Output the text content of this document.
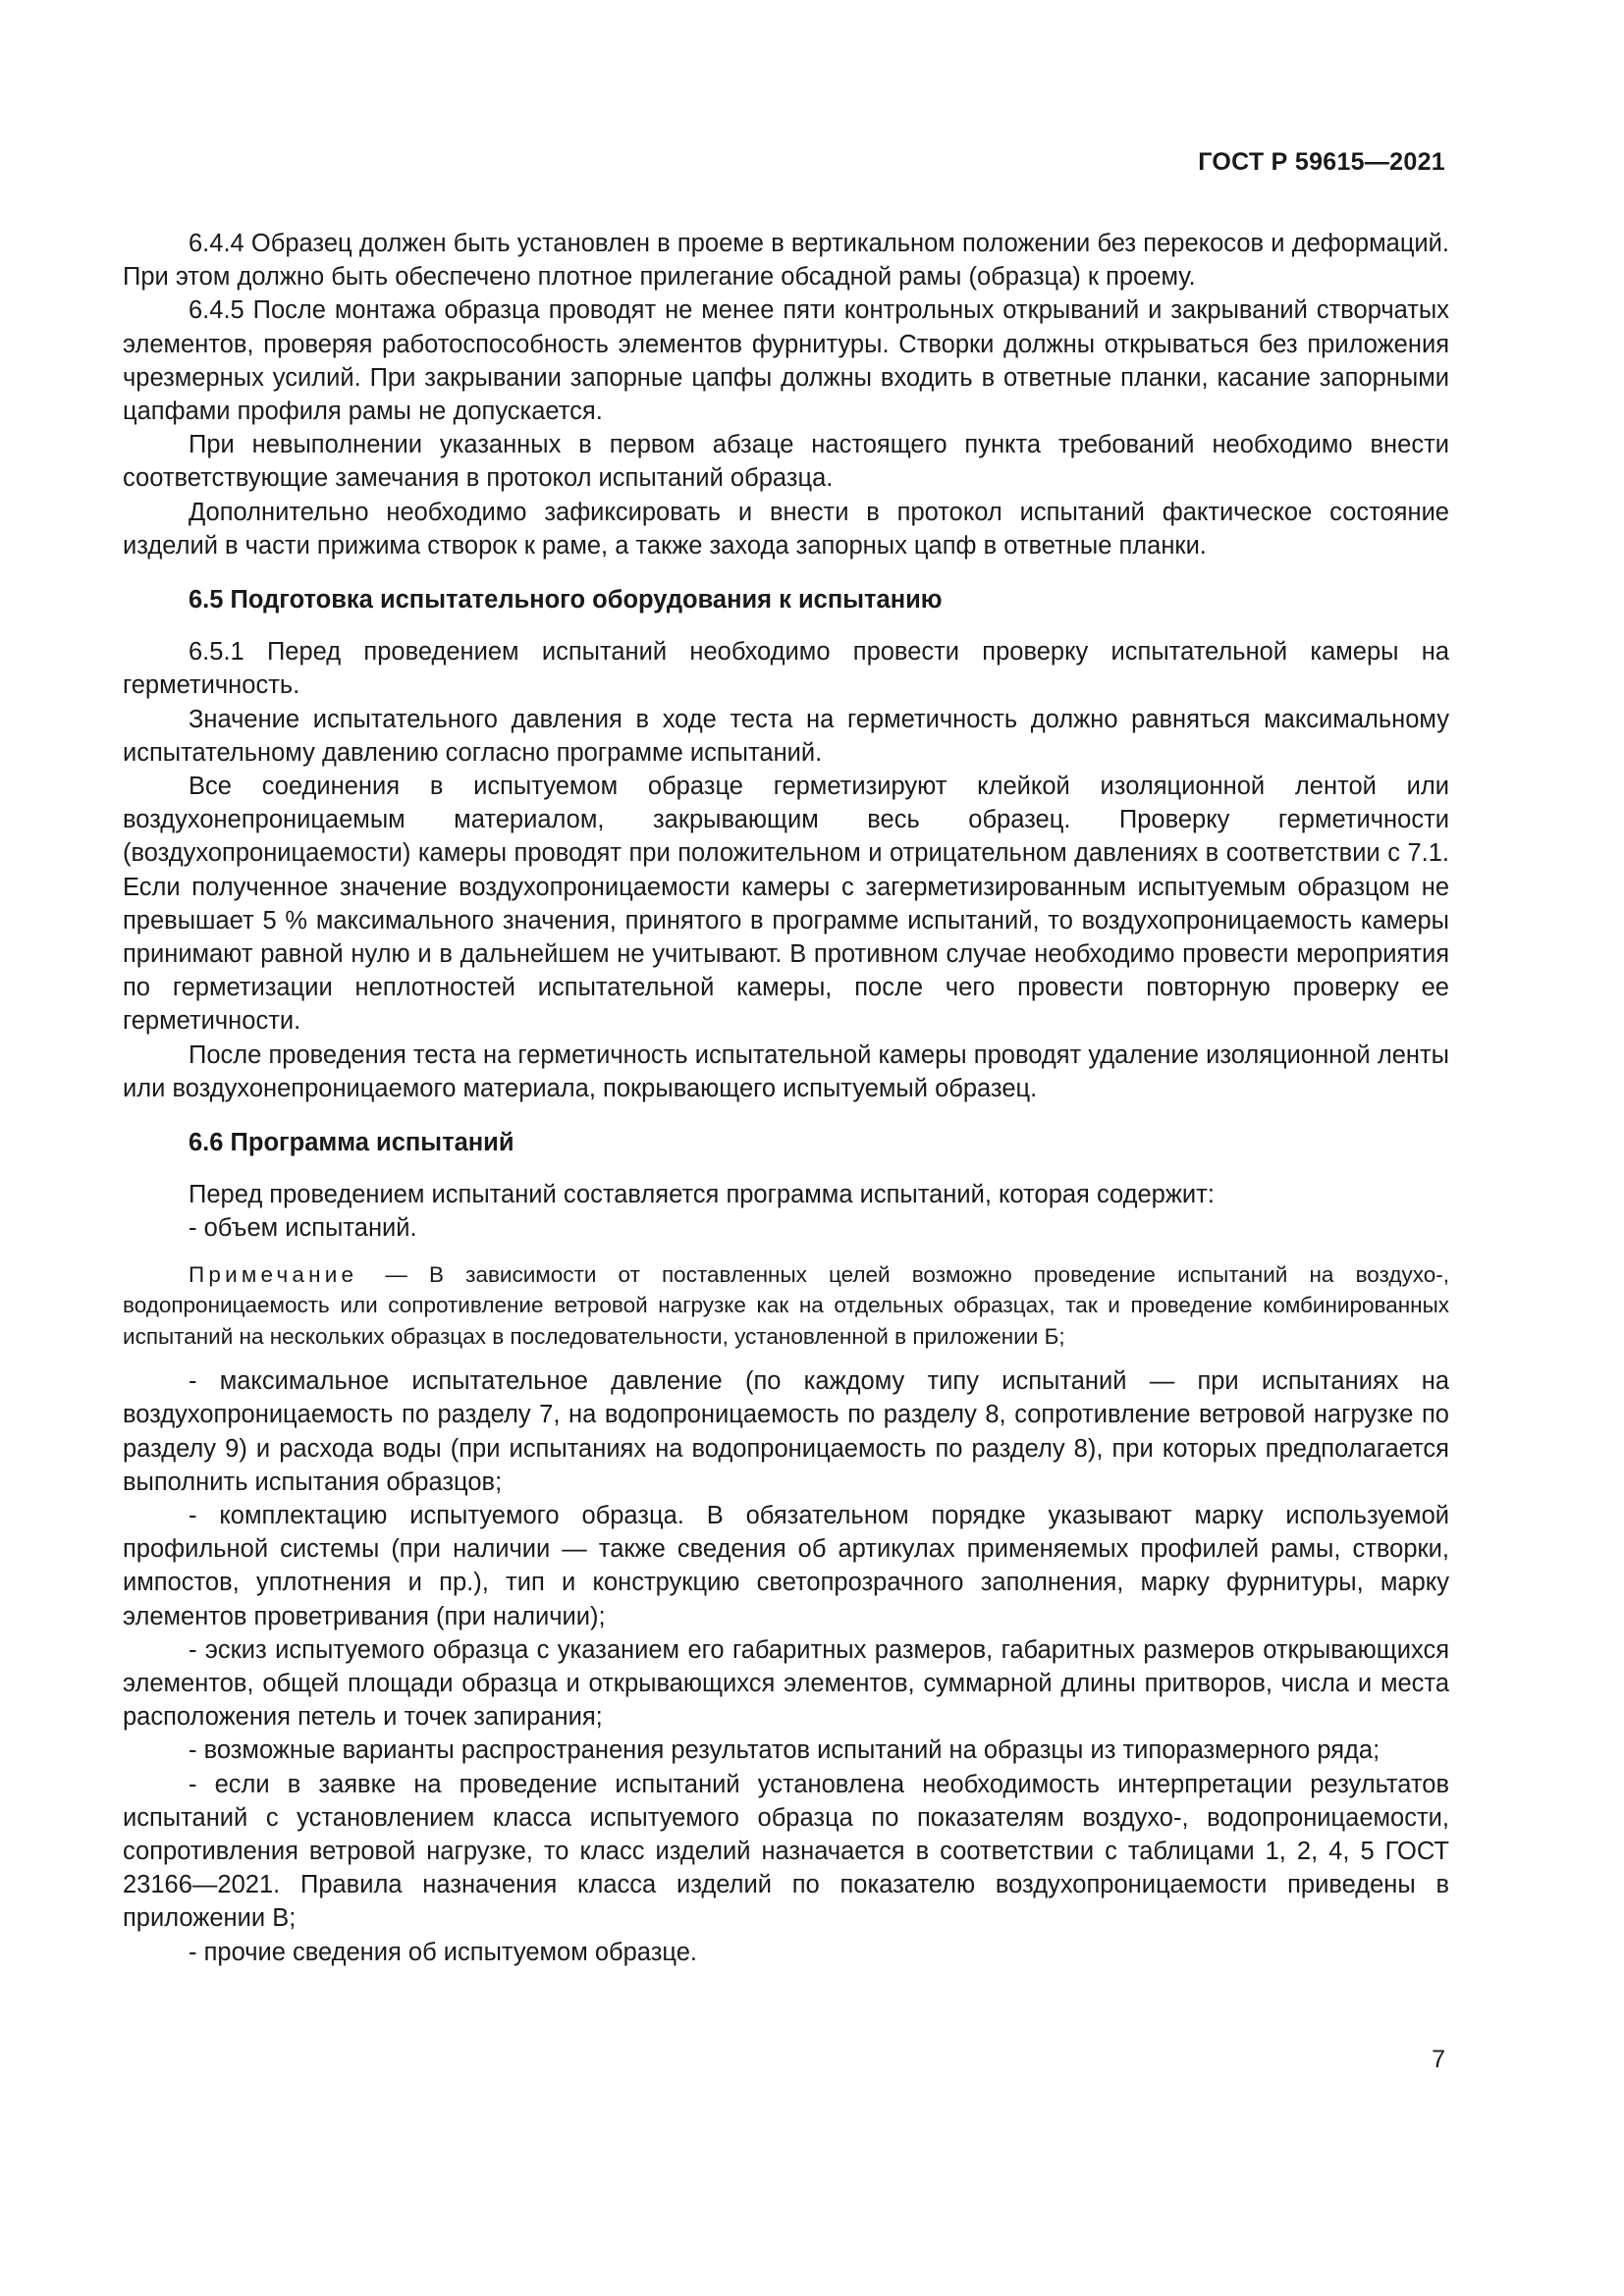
ГОСТ Р 59615—2021

6.4.4 Образец должен быть установлен в проеме в вертикальном положении без перекосов и деформаций. При этом должно быть обеспечено плотное прилегание обсадной рамы (образца) к проему.

6.4.5 После монтажа образца проводят не менее пяти контрольных открываний и закрываний створчатых элементов, проверяя работоспособность элементов фурнитуры. Створки должны открываться без приложения чрезмерных усилий. При закрывании запорные цапфы должны входить в ответные планки, касание запорными цапфами профиля рамы не допускается.

При невыполнении указанных в первом абзаце настоящего пункта требований необходимо внести соответствующие замечания в протокол испытаний образца.

Дополнительно необходимо зафиксировать и внести в протокол испытаний фактическое состояние изделий в части прижима створок к раме, а также захода запорных цапф в ответные планки.

6.5 Подготовка испытательного оборудования к испытанию

6.5.1 Перед проведением испытаний необходимо провести проверку испытательной камеры на герметичность.

Значение испытательного давления в ходе теста на герметичность должно равняться максимальному испытательному давлению согласно программе испытаний.

Все соединения в испытуемом образце герметизируют клейкой изоляционной лентой или воздухонепроницаемым материалом, закрывающим весь образец. Проверку герметичности (воздухопроницаемости) камеры проводят при положительном и отрицательном давлениях в соответствии с 7.1. Если полученное значение воздухопроницаемости камеры с загерметизированным испытуемым образцом не превышает 5 % максимального значения, принятого в программе испытаний, то воздухопроницаемость камеры принимают равной нулю и в дальнейшем не учитывают. В противном случае необходимо провести мероприятия по герметизации неплотностей испытательной камеры, после чего провести повторную проверку ее герметичности.

После проведения теста на герметичность испытательной камеры проводят удаление изоляционной ленты или воздухонепроницаемого материала, покрывающего испытуемый образец.

6.6 Программа испытаний

Перед проведением испытаний составляется программа испытаний, которая содержит:

- объем испытаний.

Примечание — В зависимости от поставленных целей возможно проведение испытаний на воздухо-, водопроницаемость или сопротивление ветровой нагрузке как на отдельных образцах, так и проведение комбинированных испытаний на нескольких образцах в последовательности, установленной в приложении Б;

- максимальное испытательное давление (по каждому типу испытаний — при испытаниях на воздухопроницаемость по разделу 7, на водопроницаемость по разделу 8, сопротивление ветровой нагрузке по разделу 9) и расхода воды (при испытаниях на водопроницаемость по разделу 8), при которых предполагается выполнить испытания образцов;

- комплектацию испытуемого образца. В обязательном порядке указывают марку используемой профильной системы (при наличии — также сведения об артикулах применяемых профилей рамы, створки, импостов, уплотнения и пр.), тип и конструкцию светопрозрачного заполнения, марку фурнитуры, марку элементов проветривания (при наличии);

- эскиз испытуемого образца с указанием его габаритных размеров, габаритных размеров открывающихся элементов, общей площади образца и открывающихся элементов, суммарной длины притворов, числа и места расположения петель и точек запирания;

- возможные варианты распространения результатов испытаний на образцы из типоразмерного ряда;

- если в заявке на проведение испытаний установлена необходимость интерпретации результатов испытаний с установлением класса испытуемого образца по показателям воздухо-, водопроницаемости, сопротивления ветровой нагрузке, то класс изделий назначается в соответствии с таблицами 1, 2, 4, 5 ГОСТ 23166—2021. Правила назначения класса изделий по показателю воздухопроницаемости приведены в приложении В;

- прочие сведения об испытуемом образце.

7
